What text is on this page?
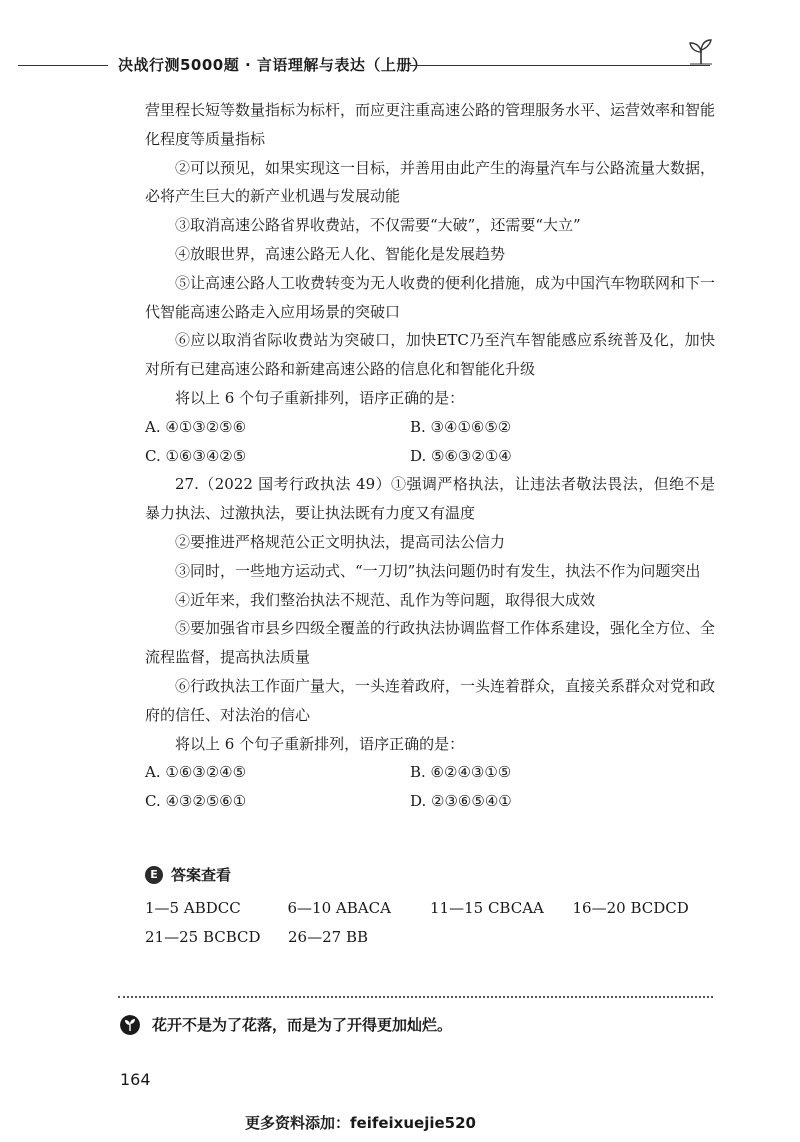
决战行测5000题 · 言语理解与表达（上册）

营里程长短等数量指标为标杆，而应更注重高速公路的管理服务水平、运营效率和智能化程度等质量指标

②可以预见，如果实现这一目标，并善用由此产生的海量汽车与公路流量大数据，必将产生巨大的新产业机遇与发展动能

③取消高速公路省界收费站，不仅需要“大破”，还需要“大立”

④放眼世界，高速公路无人化、智能化是发展趋势

⑤让高速公路人工收费转变为无人收费的便利化措施，成为中国汽车物联网和下一代智能高速公路走入应用场景的突破口

⑥应以取消省际收费站为突破口，加快ETC乃至汽车智能感应系统普及化，加快对所有已建高速公路和新建高速公路的信息化和智能化升级

将以上 6 个句子重新排列，语序正确的是：

A. ④①③②⑤⑥	B. ③④①⑥⑤②
C. ①⑥③④②⑤	D. ⑤⑥③②①④

27.（2022 国考行政执法 49）①强调严格执法，让违法者敬法畏法，但绝不是暴力执法、过激执法，要让执法既有力度又有温度

②要推进严格规范公正文明执法，提高司法公信力

③同时，一些地方运动式、“一刀切”执法问题仍时有发生，执法不作为问题突出

④近年来，我们整治执法不规范、乱作为等问题，取得很大成效

⑤要加强省市县乡四级全覆盖的行政执法协调监督工作体系建设，强化全方位、全流程监督，提高执法质量

⑥行政执法工作面广量大，一头连着政府，一头连着群众，直接关系群众对党和政府的信任、对法治的信心

将以上 6 个句子重新排列，语序正确的是：

A. ①⑥③②④⑤	B. ⑥②④③①⑤
C. ④③②⑤⑥①	D. ②③⑥⑤④①
E 答案查看
1—5 ABDCC	6—10 ABACA	11—15 CBCAA	16—20 BCDCD
21—25 BCBCD	26—27 BB
花开不是为了花落，而是为了开得更加灿烂。
164
更多资料添加：feifeixuejie520
